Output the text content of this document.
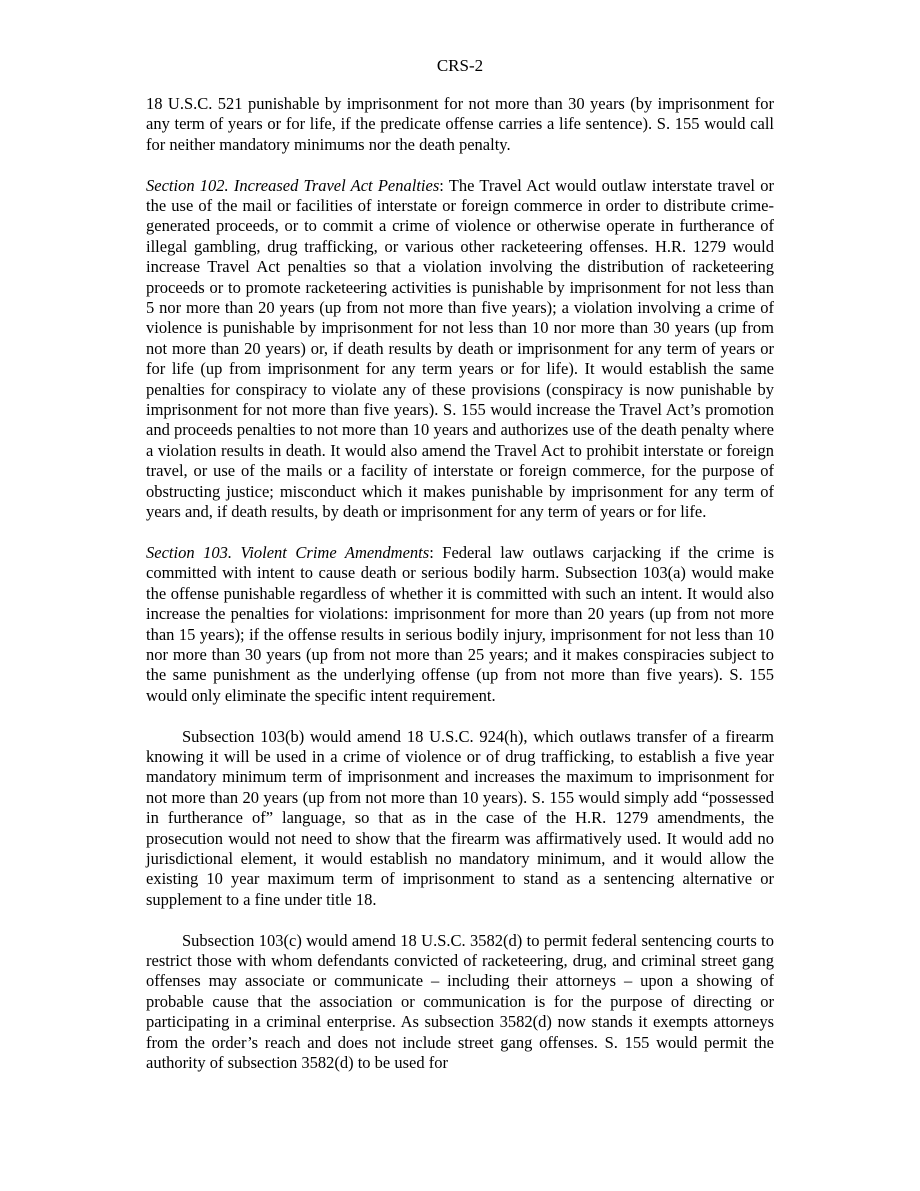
CRS-2

18 U.S.C. 521 punishable by imprisonment for not more than 30 years (by imprisonment for any term of years or for life, if the predicate offense carries a life sentence). S. 155 would call for neither mandatory minimums nor the death penalty.

Section 102. Increased Travel Act Penalties: The Travel Act would outlaw interstate travel or the use of the mail or facilities of interstate or foreign commerce in order to distribute crime-generated proceeds, or to commit a crime of violence or otherwise operate in furtherance of illegal gambling, drug trafficking, or various other racketeering offenses. H.R. 1279 would increase Travel Act penalties so that a violation involving the distribution of racketeering proceeds or to promote racketeering activities is punishable by imprisonment for not less than 5 nor more than 20 years (up from not more than five years); a violation involving a crime of violence is punishable by imprisonment for not less than 10 nor more than 30 years (up from not more than 20 years) or, if death results by death or imprisonment for any term of years or for life (up from imprisonment for any term years or for life). It would establish the same penalties for conspiracy to violate any of these provisions (conspiracy is now punishable by imprisonment for not more than five years). S. 155 would increase the Travel Act’s promotion and proceeds penalties to not more than 10 years and authorizes use of the death penalty where a violation results in death. It would also amend the Travel Act to prohibit interstate or foreign travel, or use of the mails or a facility of interstate or foreign commerce, for the purpose of obstructing justice; misconduct which it makes punishable by imprisonment for any term of years and, if death results, by death or imprisonment for any term of years or for life.

Section 103. Violent Crime Amendments: Federal law outlaws carjacking if the crime is committed with intent to cause death or serious bodily harm. Subsection 103(a) would make the offense punishable regardless of whether it is committed with such an intent. It would also increase the penalties for violations: imprisonment for more than 20 years (up from not more than 15 years); if the offense results in serious bodily injury, imprisonment for not less than 10 nor more than 30 years (up from not more than 25 years; and it makes conspiracies subject to the same punishment as the underlying offense (up from not more than five years). S. 155 would only eliminate the specific intent requirement.

Subsection 103(b) would amend 18 U.S.C. 924(h), which outlaws transfer of a firearm knowing it will be used in a crime of violence or of drug trafficking, to establish a five year mandatory minimum term of imprisonment and increases the maximum to imprisonment for not more than 20 years (up from not more than 10 years). S. 155 would simply add “possessed in furtherance of” language, so that as in the case of the H.R. 1279 amendments, the prosecution would not need to show that the firearm was affirmatively used. It would add no jurisdictional element, it would establish no mandatory minimum, and it would allow the existing 10 year maximum term of imprisonment to stand as a sentencing alternative or supplement to a fine under title 18.

Subsection 103(c) would amend 18 U.S.C. 3582(d) to permit federal sentencing courts to restrict those with whom defendants convicted of racketeering, drug, and criminal street gang offenses may associate or communicate – including their attorneys – upon a showing of probable cause that the association or communication is for the purpose of directing or participating in a criminal enterprise. As subsection 3582(d) now stands it exempts attorneys from the order’s reach and does not include street gang offenses. S. 155 would permit the authority of subsection 3582(d) to be used for
